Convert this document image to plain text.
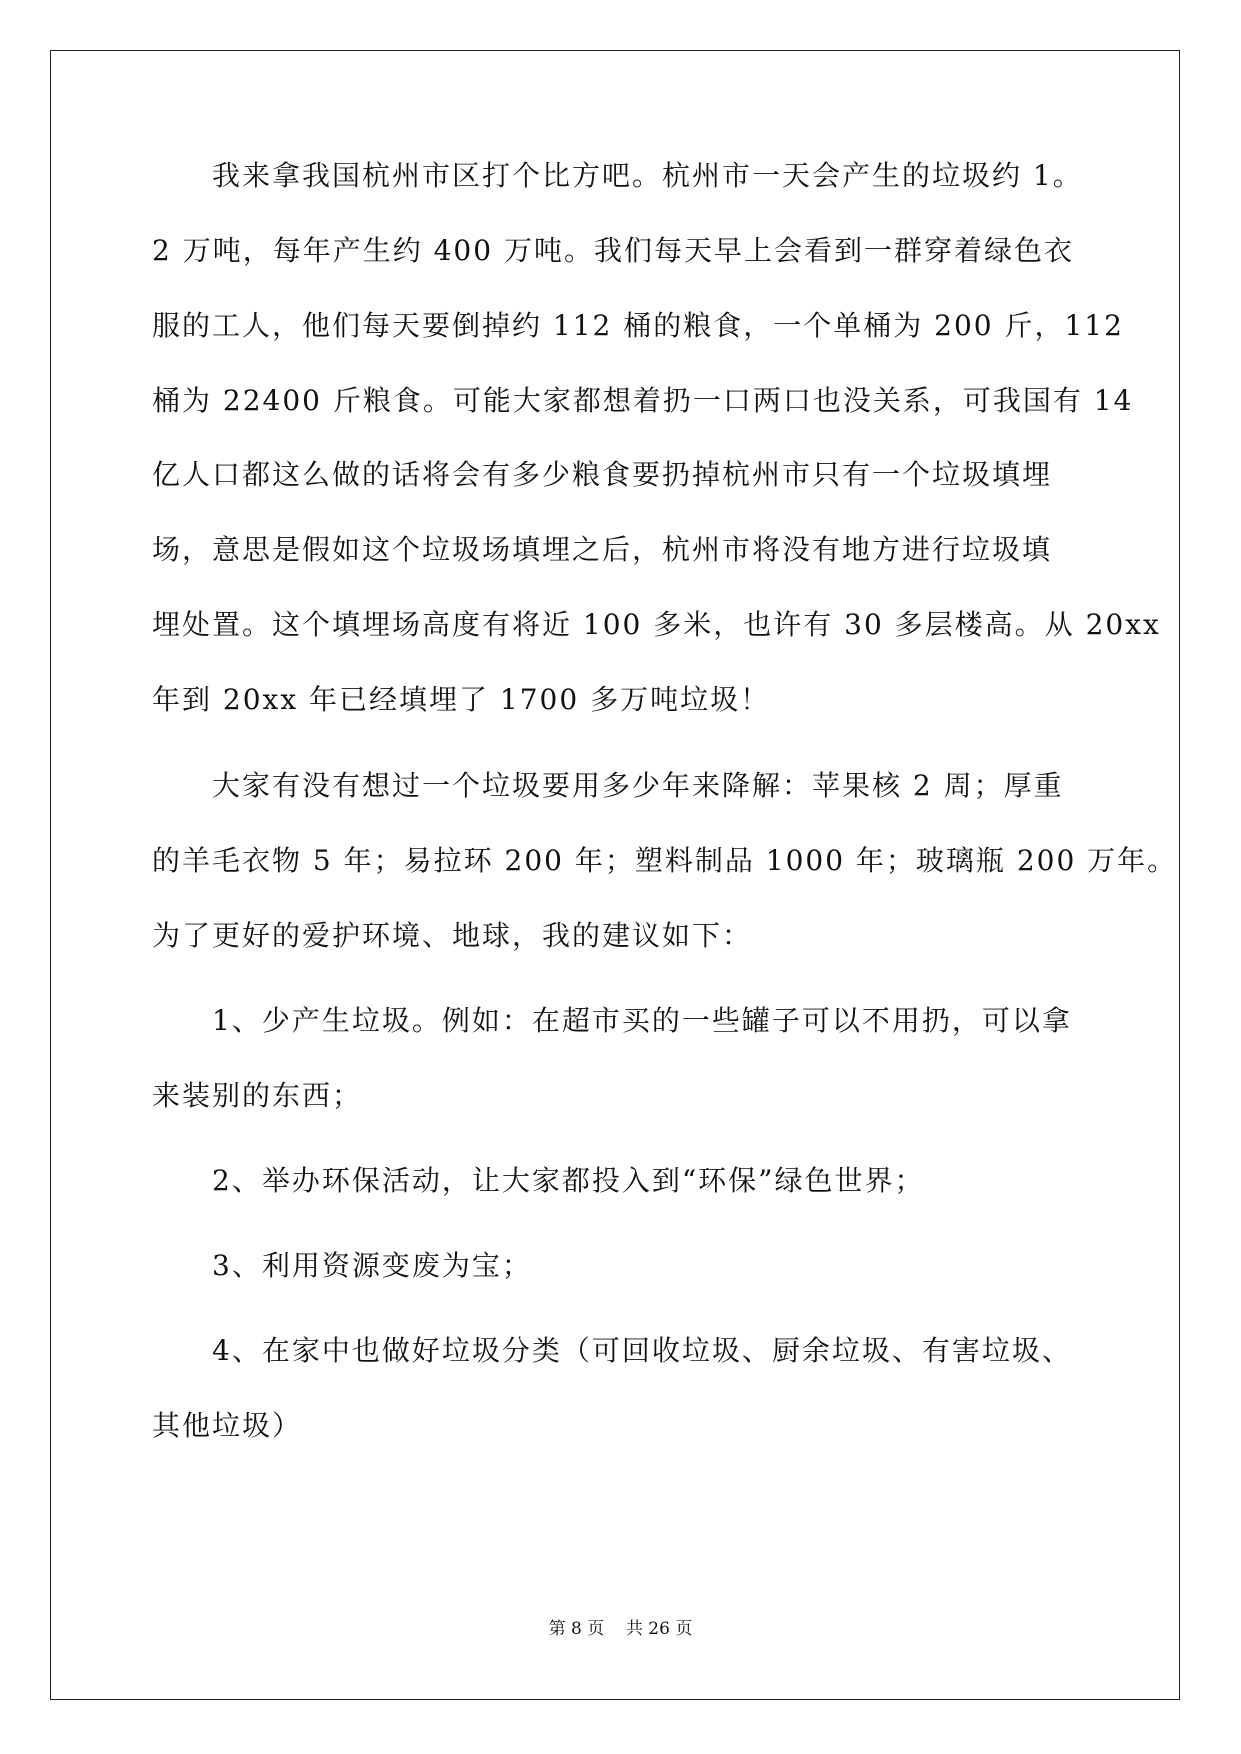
我来拿我国杭州市区打个比方吧。杭州市一天会产生的垃圾约 1。
2 万吨，每年产生约 400 万吨。我们每天早上会看到一群穿着绿色衣
服的工人，他们每天要倒掉约 112 桶的粮食，一个单桶为 200 斤，112
桶为 22400 斤粮食。可能大家都想着扔一口两口也没关系，可我国有 14
亿人口都这么做的话将会有多少粮食要扔掉杭州市只有一个垃圾填埋
场，意思是假如这个垃圾场填埋之后，杭州市将没有地方进行垃圾填
埋处置。这个填埋场高度有将近 100 多米，也许有 30 多层楼高。从 20xx
年到 20xx 年已经填埋了 1700 多万吨垃圾！
大家有没有想过一个垃圾要用多少年来降解：苹果核 2 周；厚重
的羊毛衣物 5 年；易拉环 200 年；塑料制品 1000 年；玻璃瓶 200 万年。
为了更好的爱护环境、地球，我的建议如下：
1、少产生垃圾。例如：在超市买的一些罐子可以不用扔，可以拿
来装别的东西；
2、举办环保活动，让大家都投入到“环保”绿色世界；
3、利用资源变废为宝；
4、在家中也做好垃圾分类（可回收垃圾、厨余垃圾、有害垃圾、
其他垃圾）
第 8 页 共 26 页
